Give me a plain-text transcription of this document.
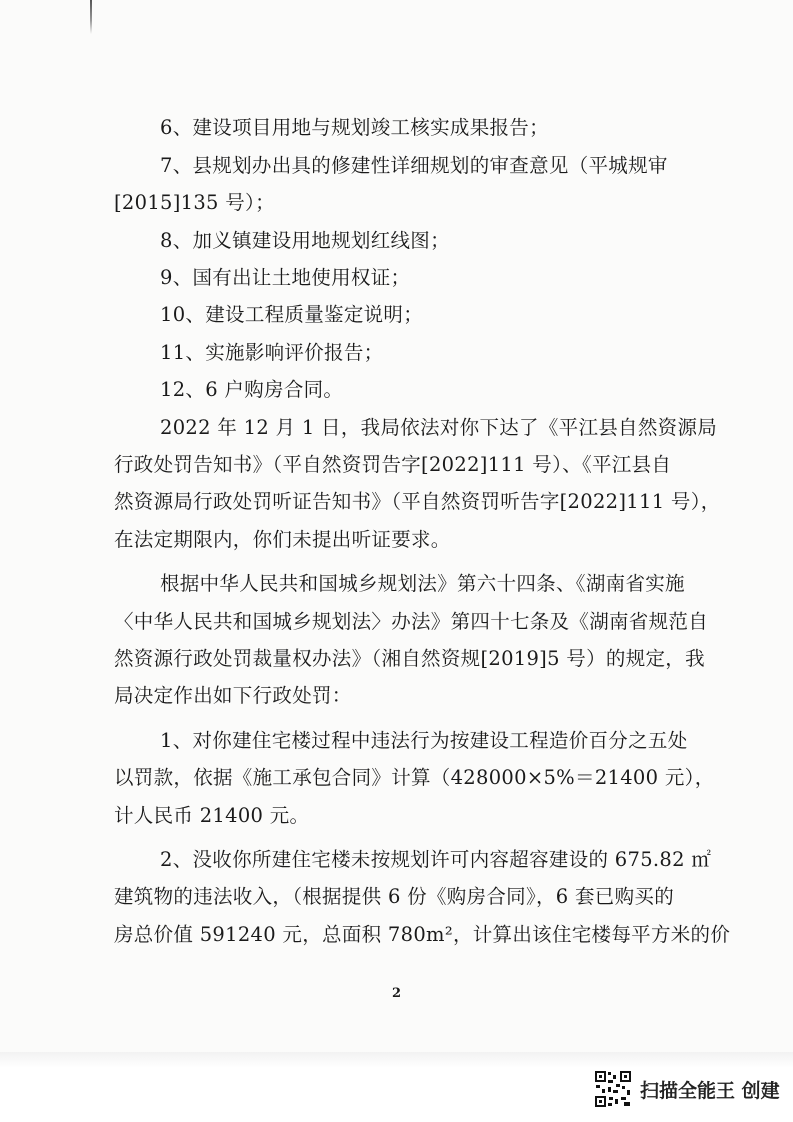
6、建设项目用地与规划竣工核实成果报告；
7、县规划办出具的修建性详细规划的审查意见（平城规审
[2015]135 号）；
8、加义镇建设用地规划红线图；
9、国有出让土地使用权证；
10、建设工程质量鉴定说明；
11、实施影响评价报告；
12、6 户购房合同。
2022 年 12 月 1 日，我局依法对你下达了《平江县自然资源局
行政处罚告知书》（平自然资罚告字[2022]111 号）、《平江县自
然资源局行政处罚听证告知书》（平自然资罚听告字[2022]111 号），
在法定期限内，你们未提出听证要求。
根据中华人民共和国城乡规划法》第六十四条、《湖南省实施
〈中华人民共和国城乡规划法〉办法》第四十七条及《湖南省规范自
然资源行政处罚裁量权办法》（湘自然资规[2019]5 号）的规定，我
局决定作出如下行政处罚：
1、对你建住宅楼过程中违法行为按建设工程造价百分之五处
以罚款，依据《施工承包合同》计算（428000×5%＝21400 元），
计人民币 21400 元。
2、没收你所建住宅楼未按规划许可内容超容建设的 675.82 ㎡
建筑物的违法收入，（根据提供 6 份《购房合同》，6 套已购买的
房总价值 591240 元，总面积 780m²，计算出该住宅楼每平方米的价
2
扫描全能王 创建
